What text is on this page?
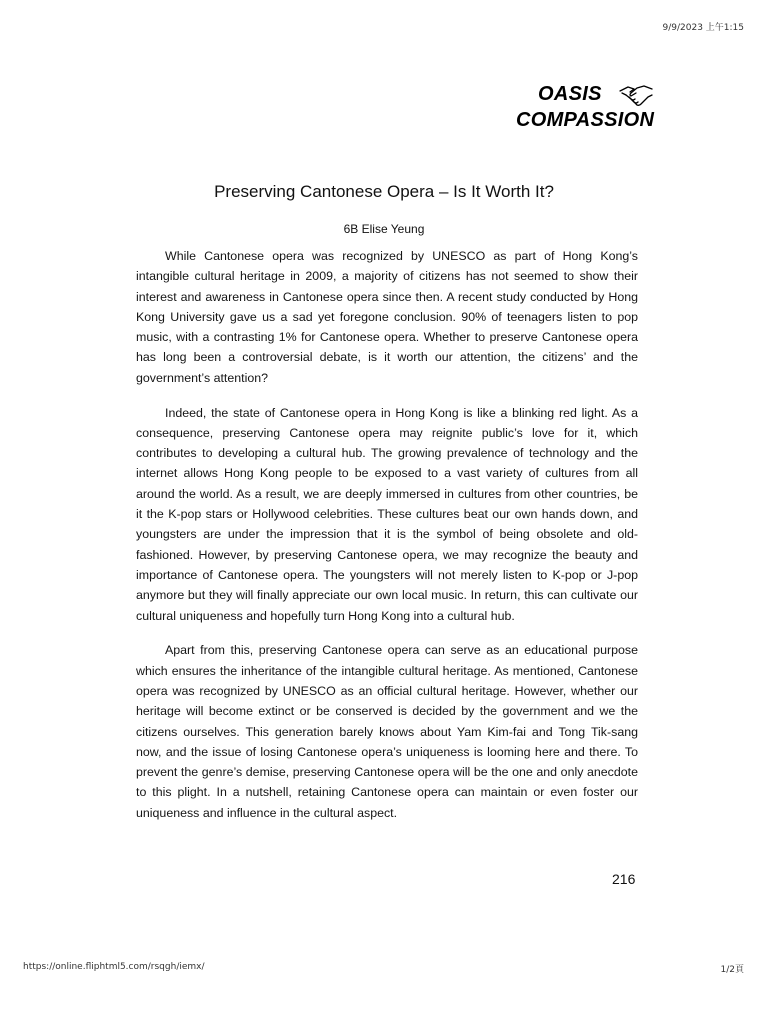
9/9/2023 上午1:15
OASIS
COMPASSION
Preserving Cantonese Opera – Is It Worth It?
6B Elise Yeung

While Cantonese opera was recognized by UNESCO as part of Hong Kong’s intangible cultural heritage in 2009, a majority of citizens has not seemed to show their interest and awareness in Cantonese opera since then. A recent study conducted by Hong Kong University gave us a sad yet foregone conclusion. 90% of teenagers listen to pop music, with a contrasting 1% for Cantonese opera. Whether to preserve Cantonese opera has long been a controversial debate, is it worth our attention, the citizens’ and the government’s attention?

Indeed, the state of Cantonese opera in Hong Kong is like a blinking red light. As a consequence, preserving Cantonese opera may reignite public’s love for it, which contributes to developing a cultural hub. The growing prevalence of technology and the internet allows Hong Kong people to be exposed to a vast variety of cultures from all around the world. As a result, we are deeply immersed in cultures from other countries, be it the K-pop stars or Hollywood celebrities. These cultures beat our own hands down, and youngsters are under the impression that it is the symbol of being obsolete and old-fashioned. However, by preserving Cantonese opera, we may recognize the beauty and importance of Cantonese opera. The youngsters will not merely listen to K-pop or J-pop anymore but they will finally appreciate our own local music. In return, this can cultivate our cultural uniqueness and hopefully turn Hong Kong into a cultural hub.

Apart from this, preserving Cantonese opera can serve as an educational purpose which ensures the inheritance of the intangible cultural heritage. As mentioned, Cantonese opera was recognized by UNESCO as an official cultural heritage. However, whether our heritage will become extinct or be conserved is decided by the government and we the citizens ourselves. This generation barely knows about Yam Kim-fai and Tong Tik-sang now, and the issue of losing Cantonese opera’s uniqueness is looming here and there. To prevent the genre’s demise, preserving Cantonese opera will be the one and only anecdote to this plight. In a nutshell, retaining Cantonese opera can maintain or even foster our uniqueness and influence in the cultural aspect.

216
https://online.fliphtml5.com/rsqgh/iemx/	1/2頁
